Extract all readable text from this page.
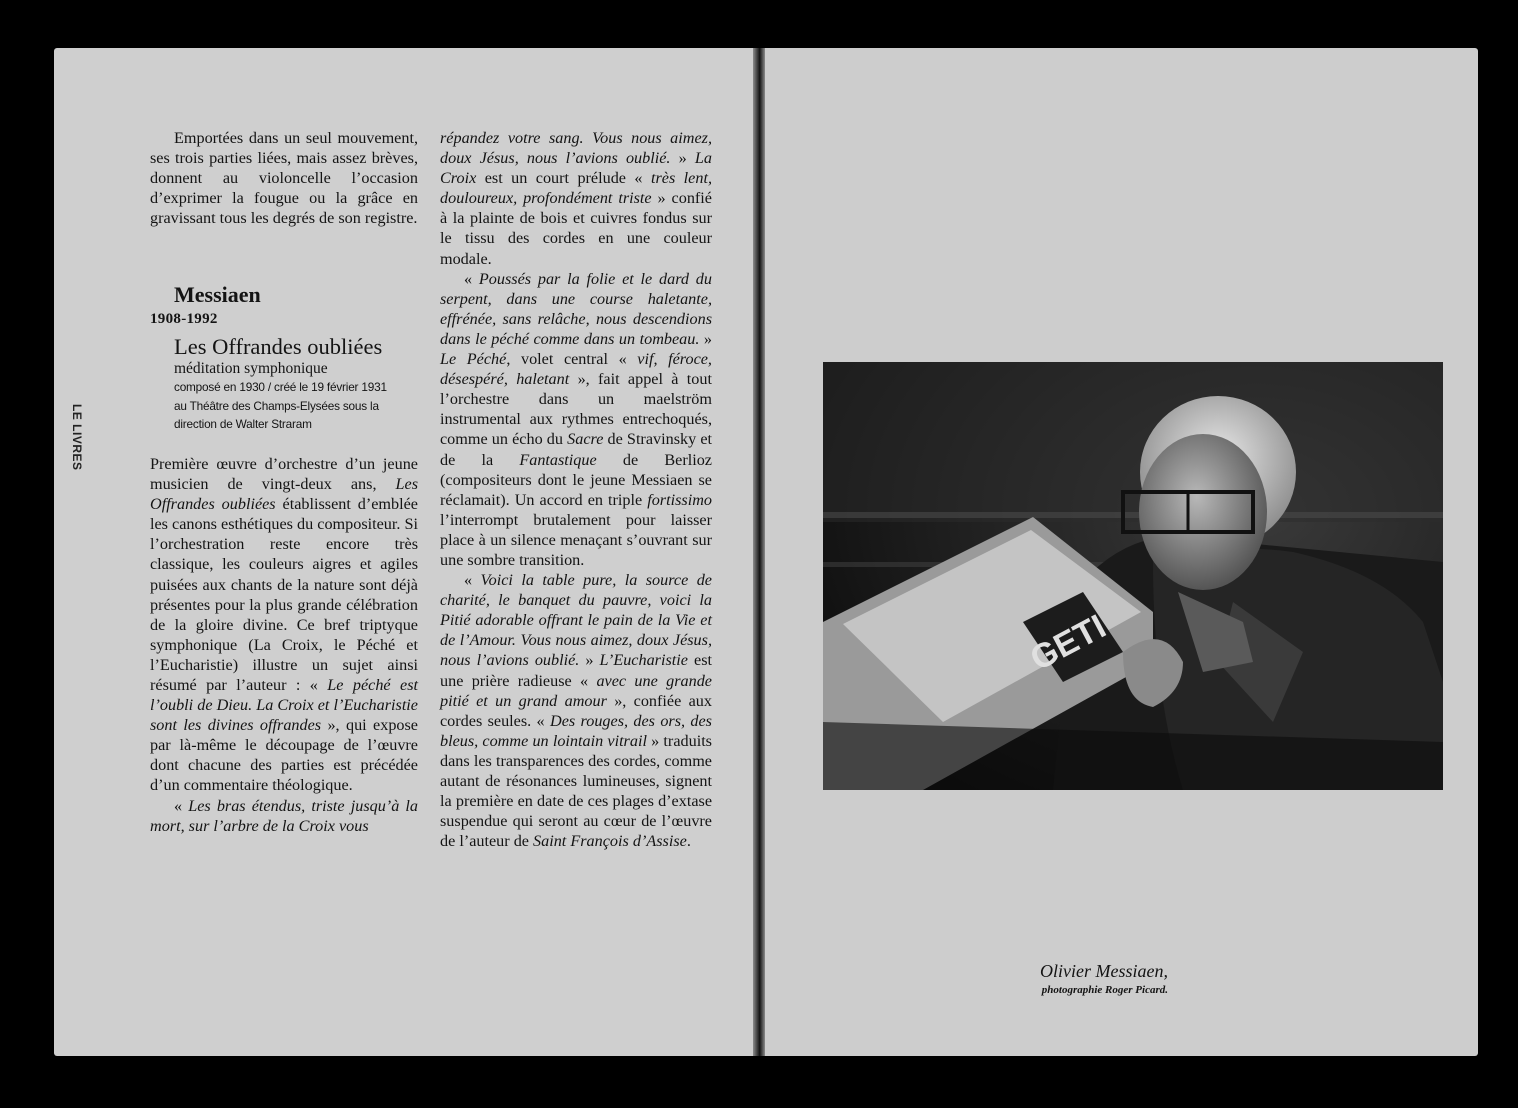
LE LIVRES

Emportées dans un seul mouvement, ses trois parties liées, mais assez brèves, donnent au violoncelle l’occasion d’exprimer la fougue ou la grâce en gravissant tous les degrés de son registre.

Messiaen
1908-1992
Les Offrandes oubliées
méditation symphonique
composé en 1930 / créé le 19 février 1931
au Théâtre des Champs-Elysées sous la
direction de Walter Straram

Première œuvre d’orchestre d’un jeune musicien de vingt-deux ans, Les Offrandes oubliées établissent d’emblée les canons esthétiques du compositeur. Si l’orchestration reste encore très classique, les couleurs aigres et agiles puisées aux chants de la nature sont déjà présentes pour la plus grande célébration de la gloire divine. Ce bref triptyque symphonique (La Croix, le Péché et l’Eucharistie) illustre un sujet ainsi résumé par l’auteur : « Le péché est l’oubli de Dieu. La Croix et l’Eucharistie sont les divines offrandes », qui expose par là-même le découpage de l’œuvre dont chacune des parties est précédée d’un commentaire théologique.

« Les bras étendus, triste jusqu’à la mort, sur l’arbre de la Croix vous

répandez votre sang. Vous nous aimez, doux Jésus, nous l’avions oublié. » La Croix est un court prélude « très lent, douloureux, profondément triste » confié à la plainte de bois et cuivres fondus sur le tissu des cordes en une couleur modale.

« Poussés par la folie et le dard du serpent, dans une course haletante, effrénée, sans relâche, nous descendions dans le péché comme dans un tombeau. » Le Péché, volet central « vif, féroce, désespéré, haletant », fait appel à tout l’orchestre dans un maelström instrumental aux rythmes entrechoqués, comme un écho du Sacre de Stravinsky et de la Fantastique de Berlioz (compositeurs dont le jeune Messiaen se réclamait). Un accord en triple fortissimo l’interrompt brutalement pour laisser place à un silence menaçant s’ouvrant sur une sombre transition.

« Voici la table pure, la source de charité, le banquet du pauvre, voici la Pitié adorable offrant le pain de la Vie et de l’Amour. Vous nous aimez, doux Jésus, nous l’avions oublié. » L’Eucharistie est une prière radieuse « avec une grande pitié et un grand amour », confiée aux cordes seules. « Des rouges, des ors, des bleus, comme un lointain vitrail » traduits dans les transparences des cordes, comme autant de résonances lumineuses, signent la première en date de ces plages d’extase suspendue qui seront au cœur de l’œuvre de l’auteur de Saint François d’Assise.

GETI
Olivier Messiaen,
photographie Roger Picard.
